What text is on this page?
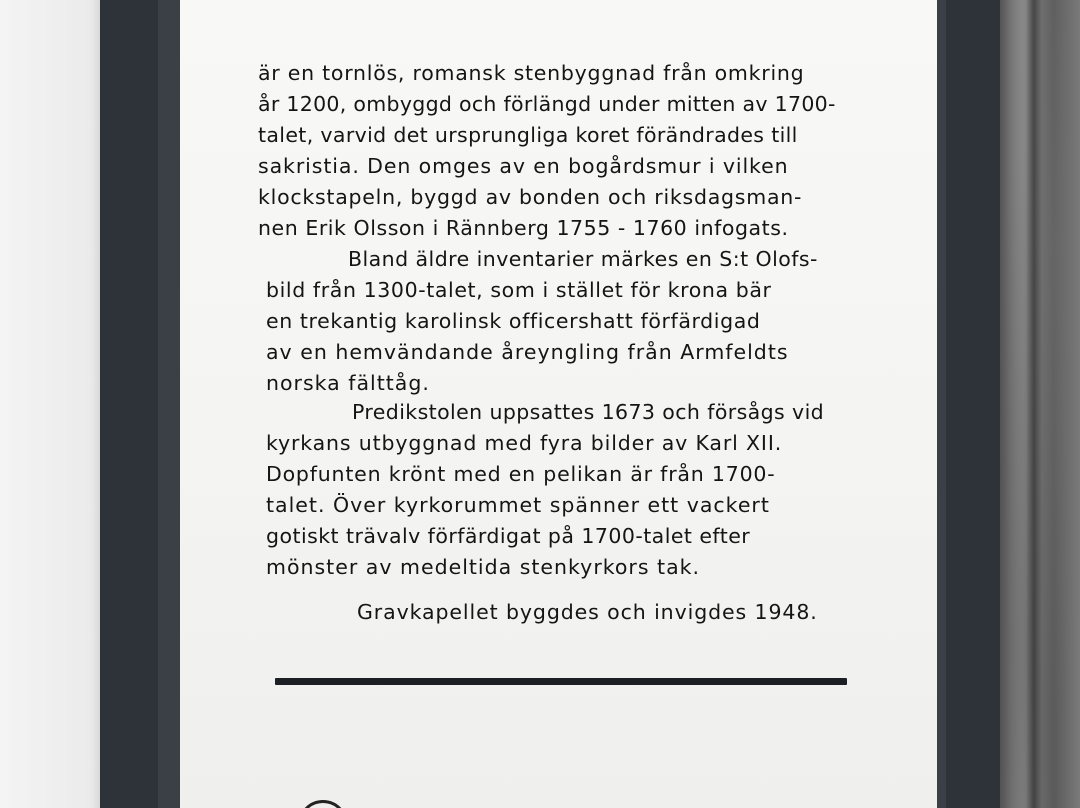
är en tornlös, romansk stenbyggnad från omkring
år 1200, ombyggd och förlängd under mitten av 1700-
talet, varvid det ursprungliga koret förändrades till
sakristia. Den omges av en bogårdsmur i vilken
klockstapeln, byggd av bonden och riksdagsman-
nen Erik Olsson i Rännberg 1755 - 1760 infogats.
Bland äldre inventarier märkes en S:t Olofs-
bild från 1300-talet, som i stället för krona bär
en trekantig karolinsk officershatt förfärdigad
av en hemvändande åreyngling från Armfeldts
norska fälttåg.
Predikstolen uppsattes 1673 och försågs vid
kyrkans utbyggnad med fyra bilder av Karl XII.
Dopfunten krönt med en pelikan är från 1700-
talet. Över kyrkorummet spänner ett vackert
gotiskt trävalv förfärdigat på 1700-talet efter
mönster av medeltida stenkyrkors tak.
Gravkapellet byggdes och invigdes 1948.
